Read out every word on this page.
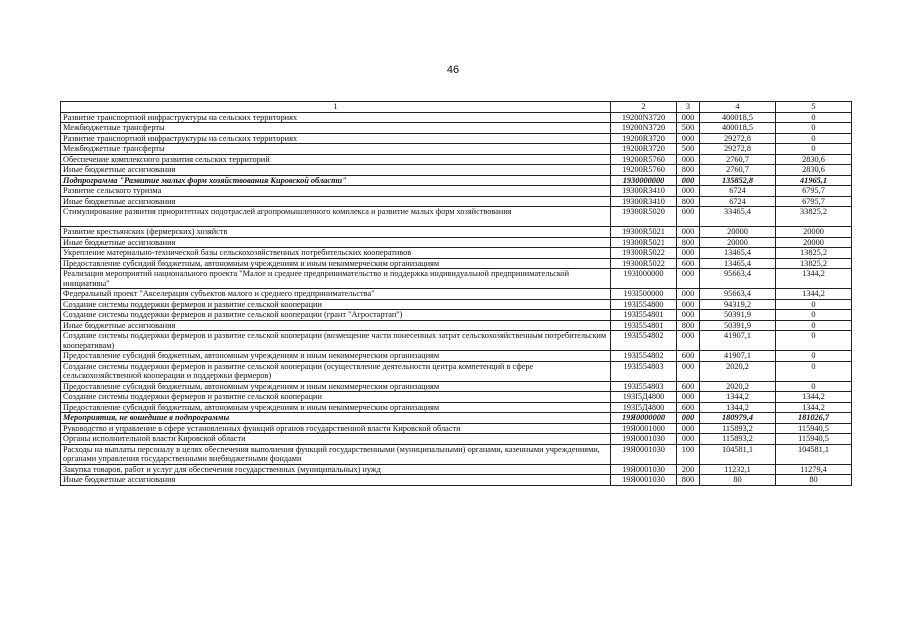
46
1	2	3	4	5
Развитие транспортной инфраструктуры на сельских территориях	19200N3720	000	400018,5	0
Межбюджетные трансферты	19200N3720	500	400018,5	0
Развитие транспортной инфраструктуры на сельских территориях	19200R3720	000	29272,8	0
Межбюджетные трансферты	19200R3720	500	29272,8	0
Обеспечение комплексного развития сельских территорий	19200R5760	000	2760,7	2830,6
Иные бюджетные ассигнования	19200R5760	800	2760,7	2830,6
Подпрограмма "Развитие малых форм хозяйствования Кировской области"	1930000000	000	135852,8	41965,1
Развитие сельского туризма	19300R3410	000	6724	6795,7
Иные бюджетные ассигнования	19300R3410	800	6724	6795,7
Стимулирование развития приоритетных подотраслей агропромышленного комплекса и развитие малых форм хозяйствования	19300R5020	000	33465,4	33825,2
Развитие крестьянских (фермерских) хозяйств	19300R5021	000	20000	20000
Иные бюджетные ассигнования	19300R5021	800	20000	20000
Укрепление материально-технической базы сельскохозяйственных потребительских кооперативов	19300R5022	000	13465,4	13825,2
Предоставление субсидий бюджетным, автономным учреждениям и иным некоммерческим организациям	19300R5022	600	13465,4	13825,2
Реализация мероприятий национального проекта "Малое и среднее предпринимательство и поддержка индивидуальной предпринимательской инициативы"	193I000000	000	95663,4	1344,2
Федеральный проект "Акселерация субъектов малого и среднего предпринимательства"	193I500000	000	95663,4	1344,2
Создание системы поддержки фермеров и развитие сельской кооперации	193I554800	000	94319,2	0
Создание системы поддержки фермеров и развитие сельской кооперации (грант "Агростартап")	193I554801	000	50391,9	0
Иные бюджетные ассигнования	193I554801	800	50391,9	0
Создание системы поддержки фермеров и развитие сельской кооперации (возмещение части понесенных затрат сельскохозяйственным потребительским кооперативам)	193I554802	000	41907,1	0
Предоставление субсидий бюджетным, автономным учреждениям и иным некоммерческим организациям	193I554802	600	41907,1	0
Создание системы поддержки фермеров и развитие сельской кооперации (осуществление деятельности центра компетенций в сфере сельскохозяйственной кооперации и поддержки фермеров)	193I554803	000	2020,2	0
Предоставление субсидий бюджетным, автономным учреждениям и иным некоммерческим организациям	193I554803	600	2020,2	0
Создание системы поддержки фермеров и развитие сельской кооперации	193I5Д4800	000	1344,2	1344,2
Предоставление субсидий бюджетным, автономным учреждениям и иным некоммерческим организациям	193I5Д4800	600	1344,2	1344,2
Мероприятия, не вошедшие в подпрограммы	19Я0000000	000	180979,4	181026,7
Руководство и управление в сфере установленных функций органов государственной власти Кировской области	19Я0001000	000	115893,2	115940,5
Органы исполнительной власти Кировской области	19Я0001030	000	115893,2	115940,5
Расходы на выплаты персоналу в целях обеспечения выполнения функций государственными (муниципальными) органами, казенными учреждениями, органами управления государственными внебюджетными фондами	19Я0001030	100	104581,1	104581,1
Закупка товаров, работ и услуг для обеспечения государственных (муниципальных) нужд	19Я0001030	200	11232,1	11279,4
Иные бюджетные ассигнования	19Я0001030	800	80	80
